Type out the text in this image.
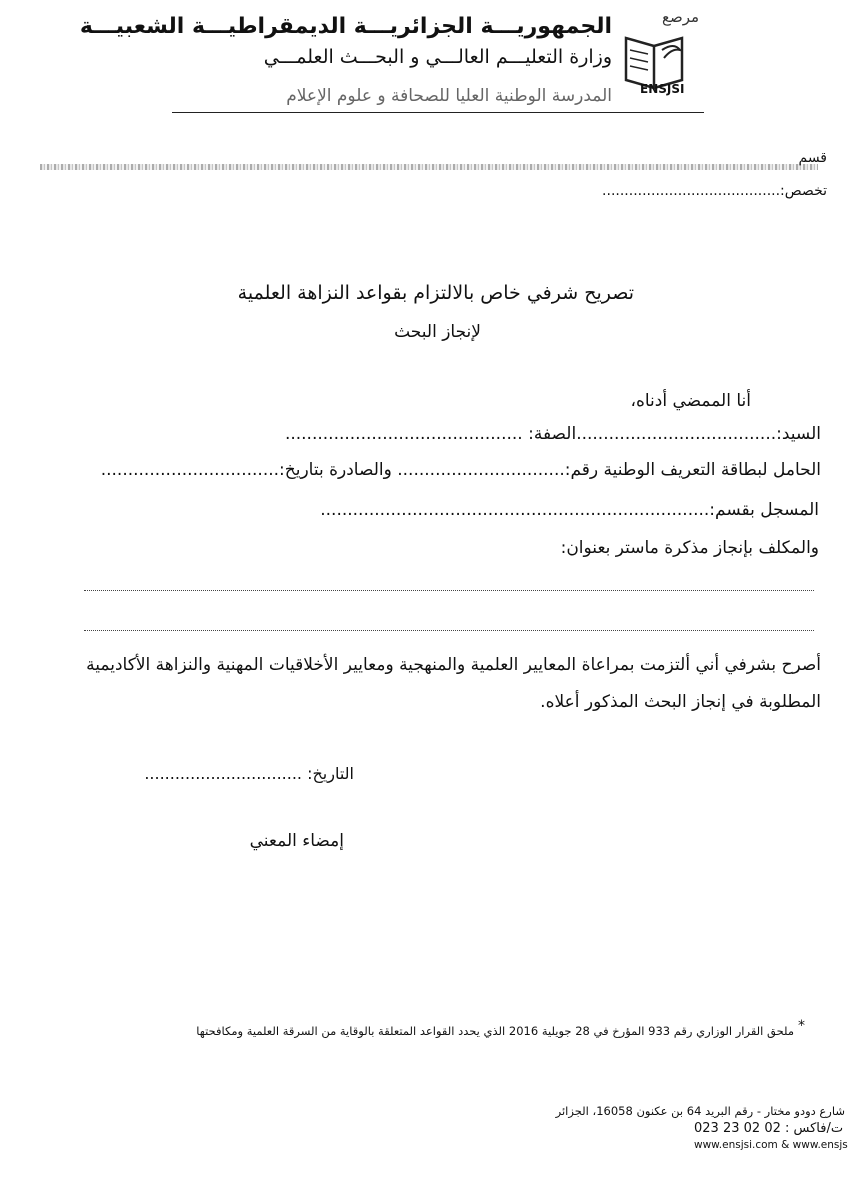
الجمهوريـــة الجزائريـــة الديمقراطيـــة الشعبيـــة
وزارة التعليـــم العالـــي و البحـــث العلمـــي
المدرسة الوطنية العليا للصحافة و علوم الإعلام
مرصع
ENSJSI
قسم
تخصص:........................................
تصريح شرفي خاص بالالتزام بقواعد النزاهة العلمية
لإنجاز البحث
أنا الممضي أدناه،
السيد:.....................................الصفة: ............................................
الحامل لبطاقة التعريف الوطنية رقم:............................... والصادرة بتاريخ:.................................
المسجل بقسم:........................................................................
والمكلف بإنجاز مذكرة ماستر بعنوان:
أصرح بشرفي أني ألتزمت بمراعاة المعايير العلمية والمنهجية ومعايير الأخلاقيات المهنية والنزاهة الأكاديمية
المطلوبة في إنجاز البحث المذكور أعلاه.
التاريخ: ...............................
إمضاء المعني
*
ملحق القرار الوزاري رقم 933 المؤرخ في 28 جويلية 2016 الذي يحدد القواعد المتعلقة بالوقاية من السرقة العلمية ومكافحتها
شارع دودو مختار - رقم البريد 64 بن عكنون 16058، الجزائر
ت/فاكس : 02 02 23 023
www.ensjsi.com & www.ensjs
